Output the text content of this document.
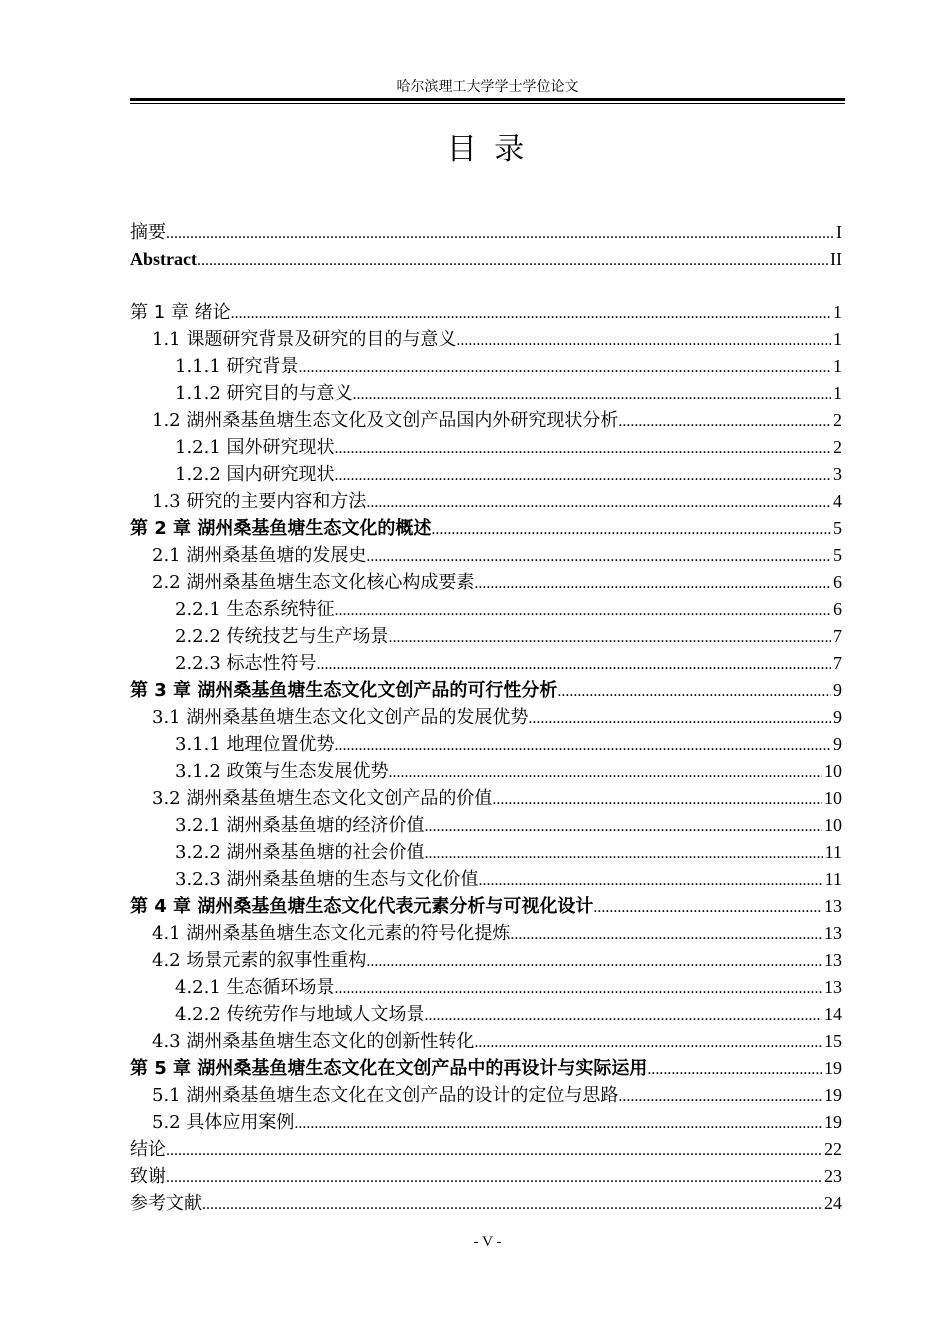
哈尔滨理工大学学士学位论文
目 录
摘要 .....	I
Abstract .....	II
第 1 章 绪论 .....	1
1.1 课题研究背景及研究的目的与意义 .....	1
1.1.1 研究背景 .....	1
1.1.2 研究目的与意义 .....	1
1.2 湖州桑基鱼塘生态文化及文创产品国内外研究现状分析 .....	2
1.2.1 国外研究现状 .....	2
1.2.2 国内研究现状 .....	3
1.3 研究的主要内容和方法 .....	4
第 2 章 湖州桑基鱼塘生态文化的概述 .....	5
2.1 湖州桑基鱼塘的发展史 .....	5
2.2 湖州桑基鱼塘生态文化核心构成要素 .....	6
2.2.1 生态系统特征 .....	6
2.2.2 传统技艺与生产场景 .....	7
2.2.3 标志性符号 .....	7
第 3 章 湖州桑基鱼塘生态文化文创产品的可行性分析 .....	9
3.1 湖州桑基鱼塘生态文化文创产品的发展优势 .....	9
3.1.1 地理位置优势 .....	9
3.1.2 政策与生态发展优势 .....	10
3.2 湖州桑基鱼塘生态文化文创产品的价值 .....	10
3.2.1 湖州桑基鱼塘的经济价值 .....	10
3.2.2 湖州桑基鱼塘的社会价值 .....	11
3.2.3 湖州桑基鱼塘的生态与文化价值 .....	11
第 4 章 湖州桑基鱼塘生态文化代表元素分析与可视化设计 .....	13
4.1 湖州桑基鱼塘生态文化元素的符号化提炼 .....	13
4.2 场景元素的叙事性重构 .....	13
4.2.1 生态循环场景 .....	13
4.2.2 传统劳作与地域人文场景 .....	14
4.3 湖州桑基鱼塘生态文化的创新性转化 .....	15
第 5 章 湖州桑基鱼塘生态文化在文创产品中的再设计与实际运用 .....	19
5.1 湖州桑基鱼塘生态文化在文创产品的设计的定位与思路 .....	19
5.2 具体应用案例 .....	19
结论 .....	22
致谢 .....	23
参考文献 .....	24
- V -
